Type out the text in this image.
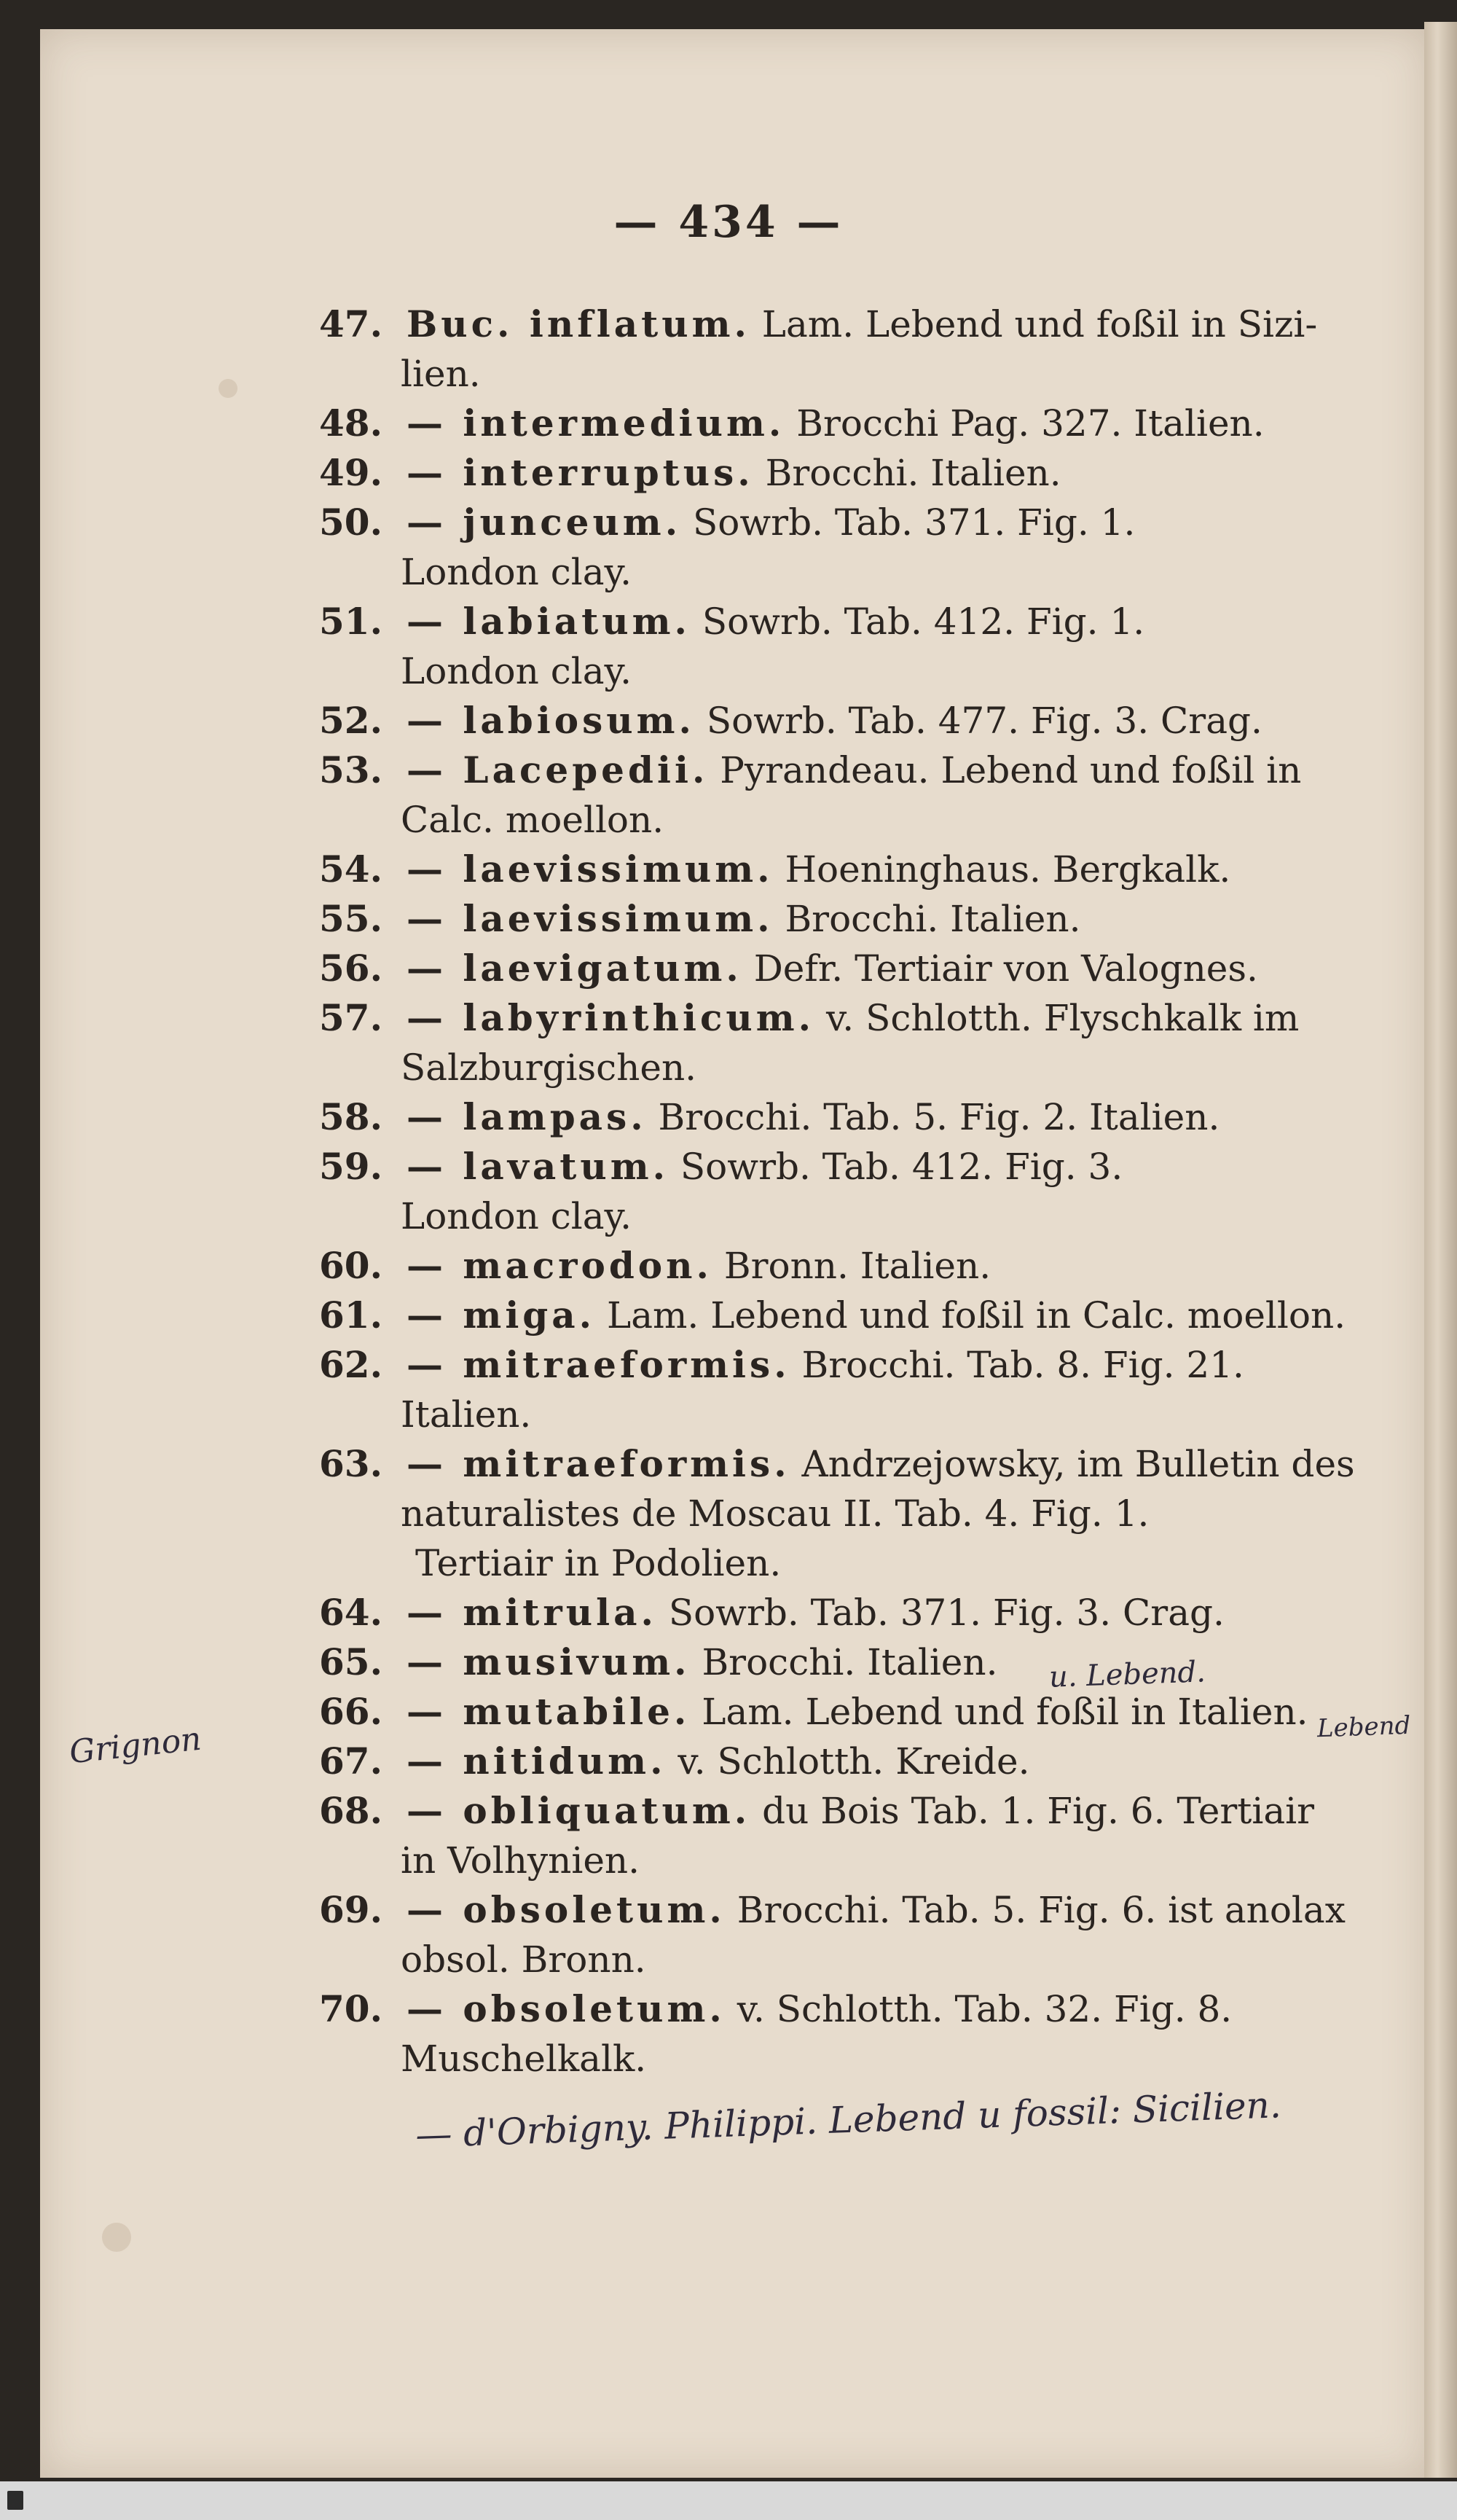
— 434 —
47. Buc. inflatum. Lam. Lebend und foßil in Sizi-
lien.
48. — intermedium. Brocchi Pag. 327. Italien.
49. — interruptus. Brocchi. Italien.
50. — junceum. Sowrb. Tab. 371. Fig. 1.
London clay.
51. — labiatum. Sowrb. Tab. 412. Fig. 1.
London clay.
52. — labiosum. Sowrb. Tab. 477. Fig. 3. Crag.
53. — Lacepedii. Pyrandeau. Lebend und foßil in
Calc. moellon.
54. — laevissimum. Hoeninghaus. Bergkalk.
55. — laevissimum. Brocchi. Italien.
56. — laevigatum. Defr. Tertiair von Valognes.
57. — labyrinthicum. v. Schlotth. Flyschkalk im
Salzburgischen.
58. — lampas. Brocchi. Tab. 5. Fig. 2. Italien.
59. — lavatum. Sowrb. Tab. 412. Fig. 3.
London clay.
60. — macrodon. Bronn. Italien.
61. — miga. Lam. Lebend und foßil in Calc. moellon.
62. — mitraeformis. Brocchi. Tab. 8. Fig. 21.
Italien.
63. — mitraeformis. Andrzejowsky, im Bulletin des
naturalistes de Moscau II. Tab. 4. Fig. 1.
Tertiair in Podolien.
64. — mitrula. Sowrb. Tab. 371. Fig. 3. Crag.
65. — musivum. Brocchi. Italien.
66. — mutabile. Lam. Lebend und foßil in Italien.
67. — nitidum. v. Schlotth. Kreide.
68. — obliquatum. du Bois Tab. 1. Fig. 6. Tertiair
in Volhynien.
69. — obsoletum. Brocchi. Tab. 5. Fig. 6. ist anolax
obsol. Bronn.
70. — obsoletum. v. Schlotth. Tab. 32. Fig. 8.
Muschelkalk.
— d'Orbigny. Philippi. Lebend u fossil: Sicilien.
Grignon	Lebend
u. Lebend.
